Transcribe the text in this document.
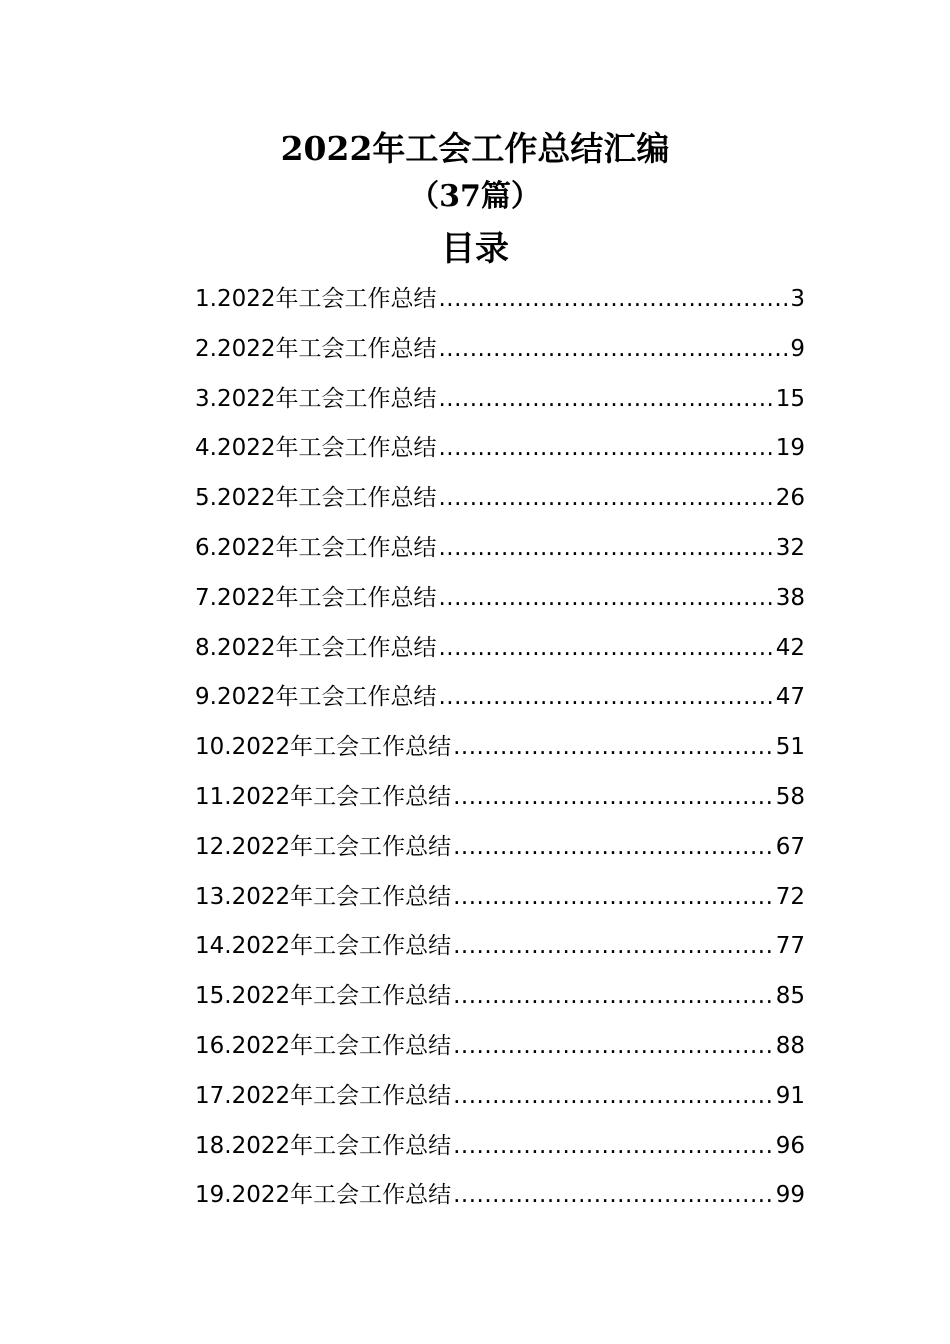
2022年工会工作总结汇编
（37篇）
目录
1.2022年工会工作总结 .....	3
2.2022年工会工作总结 .....	9
3.2022年工会工作总结 .....	15
4.2022年工会工作总结 .....	19
5.2022年工会工作总结 .....	26
6.2022年工会工作总结 .....	32
7.2022年工会工作总结 .....	38
8.2022年工会工作总结 .....	42
9.2022年工会工作总结 .....	47
10.2022年工会工作总结 .....	51
11.2022年工会工作总结 .....	58
12.2022年工会工作总结 .....	67
13.2022年工会工作总结 .....	72
14.2022年工会工作总结 .....	77
15.2022年工会工作总结 .....	85
16.2022年工会工作总结 .....	88
17.2022年工会工作总结 .....	91
18.2022年工会工作总结 .....	96
19.2022年工会工作总结 .....	99
